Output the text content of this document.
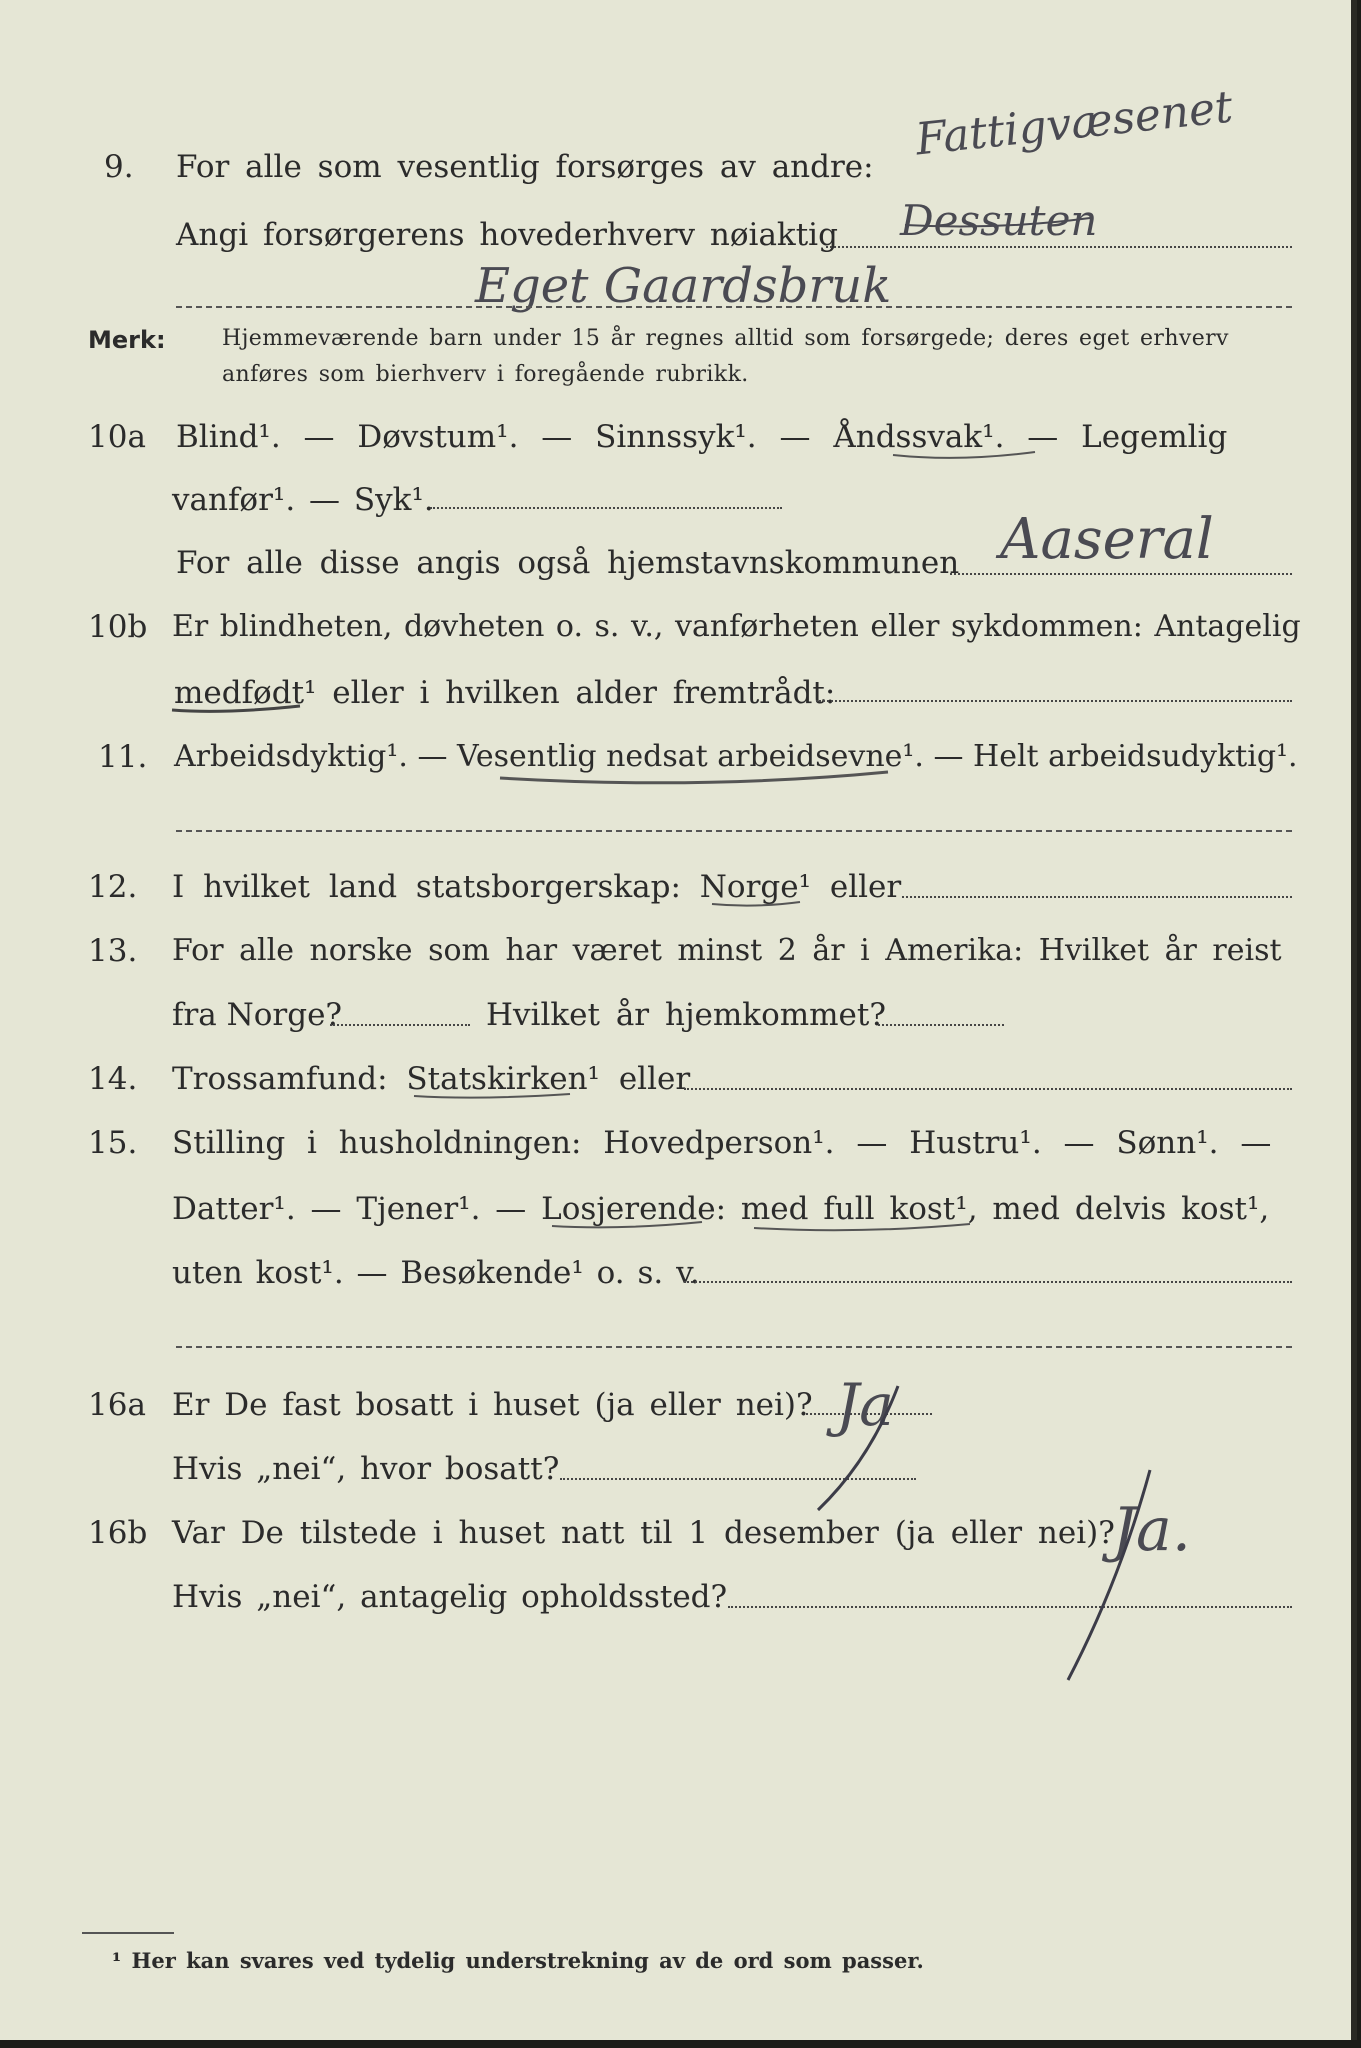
Fattigvæsenet
9. For alle som vesentlig forsørges av andre:
Angi forsørgerens hovederhverv nøiaktig Dessuten
Eget Gaardsbruk
Merk:	Hjemmeværende barn under 15 år regnes alltid som forsørgede; deres eget erhverv
anføres som bierhverv i foregående rubrikk.
10a Blind¹. — Døvstum¹. — Sinnssyk¹. — Åndssvak¹. — Legemlig
vanfør¹. — Syk¹.
For alle disse angis også hjemstavnskommunen Aaseral
10b Er blindheten, døvheten o. s. v., vanførheten eller sykdommen: Antagelig
medfødt¹ eller i hvilken alder fremtrådt:
11. Arbeidsdyktig¹. — Vesentlig nedsat arbeidsevne¹. — Helt arbeidsudyktig¹.
12. I hvilket land statsborgerskap: Norge¹ eller
13. For alle norske som har været minst 2 år i Amerika: Hvilket år reist
fra Norge?	Hvilket år hjemkommet?
14. Trossamfund: Statskirken¹ eller
15. Stilling i husholdningen: Hovedperson¹. — Hustru¹. — Sønn¹. —
Datter¹. — Tjener¹. — Losjerende: med full kost¹, med delvis kost¹,
uten kost¹. — Besøkende¹ o. s. v.
16a Er De fast bosatt i huset (ja eller nei)? Ja
Hvis „nei“, hvor bosatt?
16b Var De tilstede i huset natt til 1 desember (ja eller nei)?
Ja.
Hvis „nei“, antagelig opholdssted?
¹ Her kan svares ved tydelig understrekning av de ord som passer.
